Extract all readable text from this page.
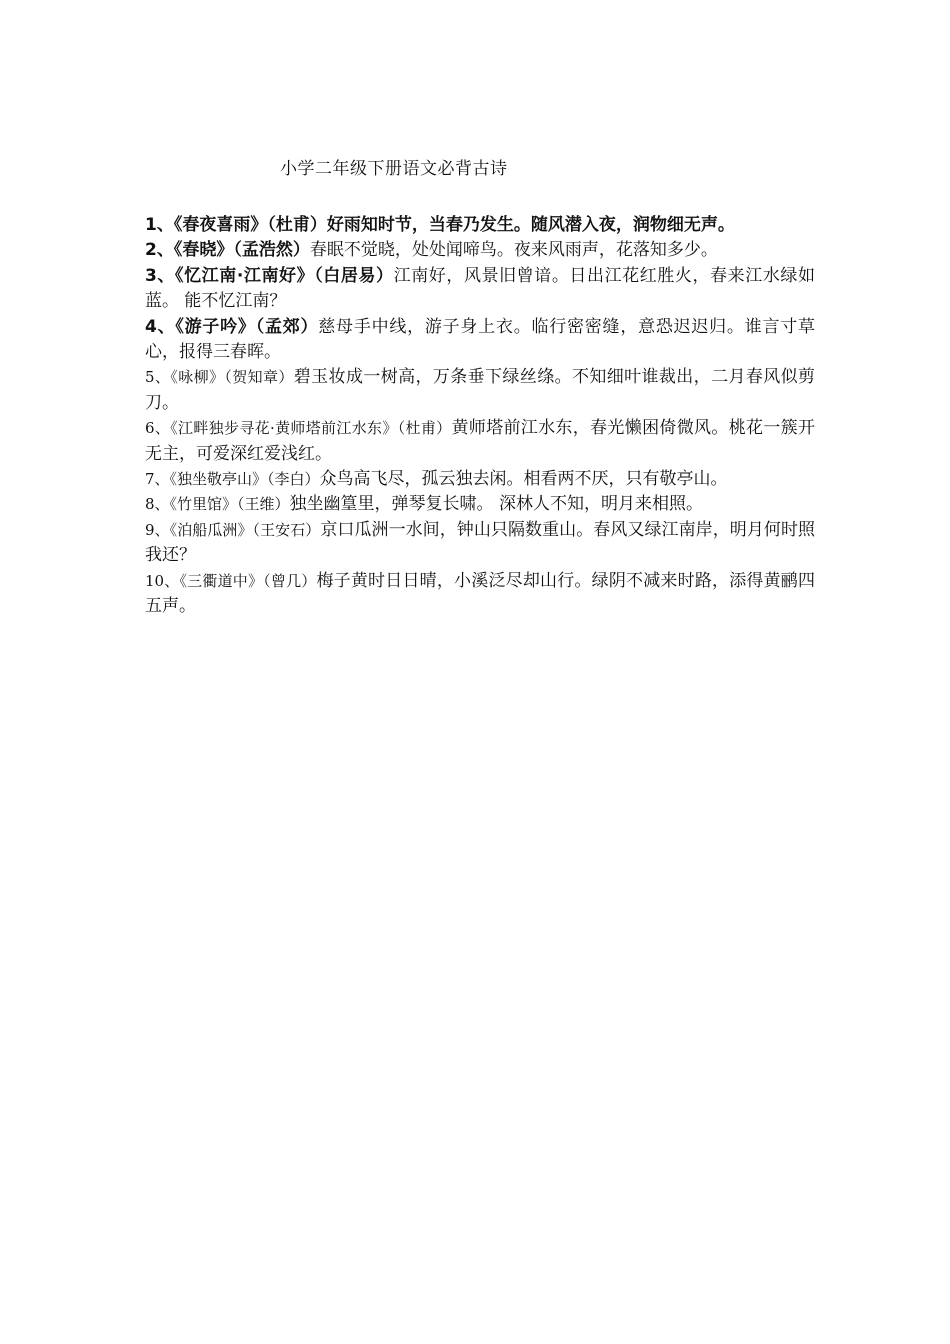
小学二年级下册语文必背古诗

1、《春夜喜雨》（杜甫）好雨知时节，当春乃发生。随风潜入夜，润物细无声。

2、《春晓》（孟浩然）春眠不觉晓，处处闻啼鸟。夜来风雨声，花落知多少。

3、《忆江南·江南好》（白居易）江南好，风景旧曾谙。日出江花红胜火，春来江水绿如蓝。 能不忆江南？

4、《游子吟》（孟郊）慈母手中线，游子身上衣。临行密密缝，意恐迟迟归。谁言寸草心，报得三春晖。

5、《咏柳》（贺知章）碧玉妆成一树高，万条垂下绿丝绦。不知细叶谁裁出，二月春风似剪刀。

6、《江畔独步寻花·黄师塔前江水东》（杜甫）黄师塔前江水东，春光懒困倚微风。桃花一簇开无主，可爱深红爱浅红。

7、《独坐敬亭山》（李白）众鸟高飞尽，孤云独去闲。相看两不厌，只有敬亭山。

8、《竹里馆》（王维）独坐幽篁里，弹琴复长啸。 深林人不知，明月来相照。

9、《泊船瓜洲》（王安石）京口瓜洲一水间，钟山只隔数重山。春风又绿江南岸，明月何时照我还？

10、《三衢道中》（曾几）梅子黄时日日晴，小溪泛尽却山行。绿阴不减来时路，添得黄鹂四五声。
